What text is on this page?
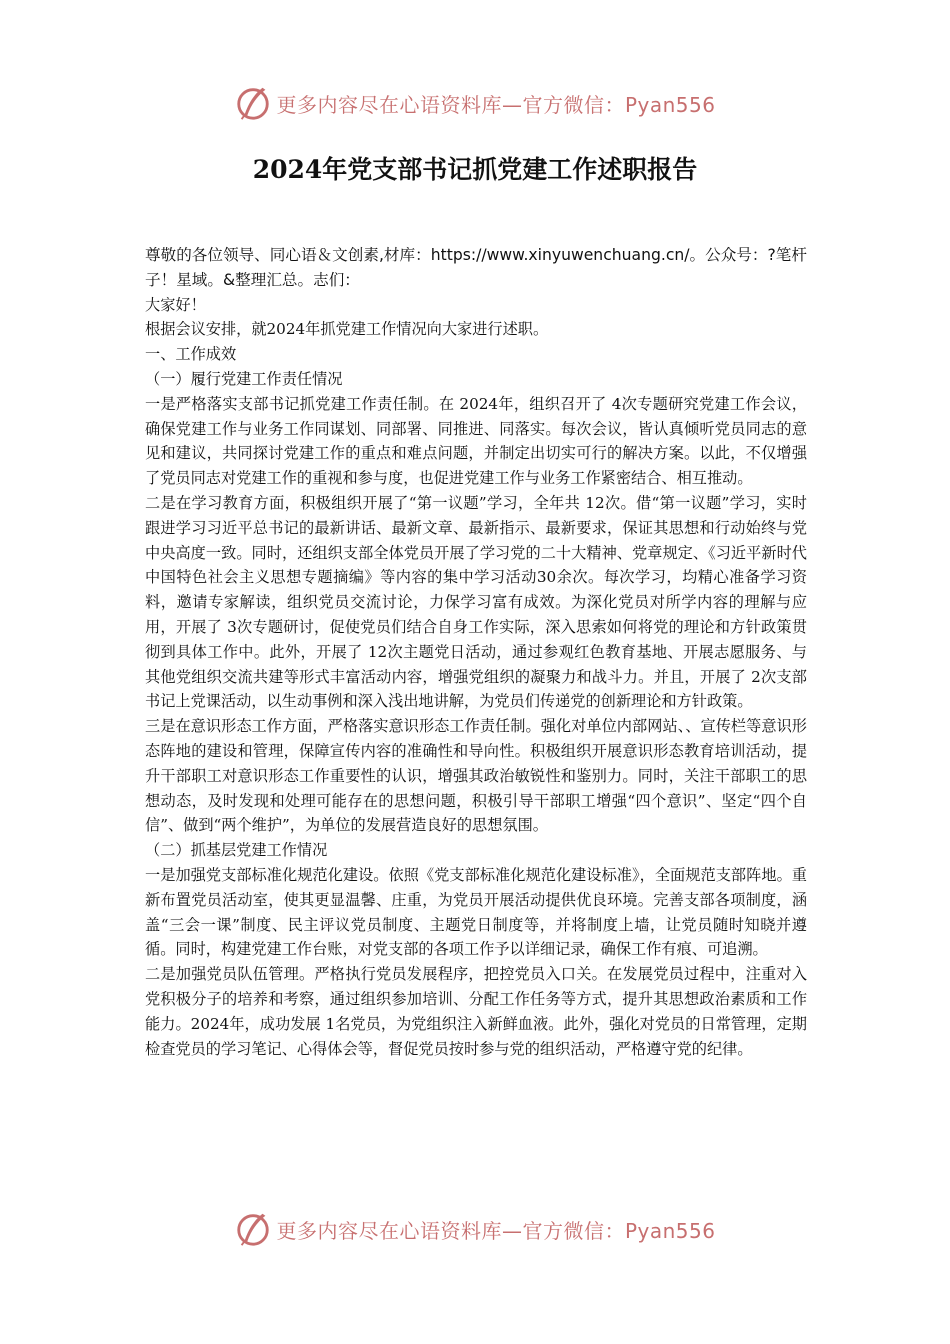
更多内容尽在心语资料库—官方微信：Pyan556
2024年党支部书记抓党建工作述职报告

尊敬的各位领导、同心语＆文创素,材库：https://www.xinyuwenchuang.cn/。公众号：?笔杆子！星域。&整理汇总。志们：

大家好！

根据会议安排，就2024年抓党建工作情况向大家进行述职。

一、工作成效

（一）履行党建工作责任情况

一是严格落实支部书记抓党建工作责任制。在 2024年，组织召开了 4次专题研究党建工作会议，确保党建工作与业务工作同谋划、同部署、同推进、同落实。每次会议，皆认真倾听党员同志的意见和建议，共同探讨党建工作的重点和难点问题，并制定出切实可行的解决方案。以此，不仅增强了党员同志对党建工作的重视和参与度，也促进党建工作与业务工作紧密结合、相互推动。

二是在学习教育方面，积极组织开展了“第一议题”学习，全年共 12次。借“第一议题”学习，实时跟进学习习近平总书记的最新讲话、最新文章、最新指示、最新要求，保证其思想和行动始终与党中央高度一致。同时，还组织支部全体党员开展了学习党的二十大精神、党章规定、《习近平新时代中国特色社会主义思想专题摘编》等内容的集中学习活动30余次。每次学习，均精心准备学习资料，邀请专家解读，组织党员交流讨论，力保学习富有成效。为深化党员对所学内容的理解与应用，开展了 3次专题研讨，促使党员们结合自身工作实际，深入思索如何将党的理论和方针政策贯彻到具体工作中。此外，开展了 12次主题党日活动，通过参观红色教育基地、开展志愿服务、与其他党组织交流共建等形式丰富活动内容，增强党组织的凝聚力和战斗力。并且，开展了 2次支部书记上党课活动，以生动事例和深入浅出地讲解，为党员们传递党的创新理论和方针政策。

三是在意识形态工作方面，严格落实意识形态工作责任制。强化对单位内部网站、、宣传栏等意识形态阵地的建设和管理，保障宣传内容的准确性和导向性。积极组织开展意识形态教育培训活动，提升干部职工对意识形态工作重要性的认识，增强其政治敏锐性和鉴别力。同时，关注干部职工的思想动态，及时发现和处理可能存在的思想问题，积极引导干部职工增强“四个意识”、坚定“四个自信”、做到“两个维护”，为单位的发展营造良好的思想氛围。

（二）抓基层党建工作情况

一是加强党支部标准化规范化建设。依照《党支部标准化规范化建设标准》，全面规范支部阵地。重新布置党员活动室，使其更显温馨、庄重，为党员开展活动提供优良环境。完善支部各项制度，涵盖“三会一课”制度、民主评议党员制度、主题党日制度等，并将制度上墙，让党员随时知晓并遵循。同时，构建党建工作台账，对党支部的各项工作予以详细记录，确保工作有痕、可追溯。

二是加强党员队伍管理。严格执行党员发展程序，把控党员入口关。在发展党员过程中，注重对入党积极分子的培养和考察，通过组织参加培训、分配工作任务等方式，提升其思想政治素质和工作能力。2024年，成功发展 1名党员，为党组织注入新鲜血液。此外，强化对党员的日常管理，定期检查党员的学习笔记、心得体会等，督促党员按时参与党的组织活动，严格遵守党的纪律。

更多内容尽在心语资料库—官方微信：Pyan556
